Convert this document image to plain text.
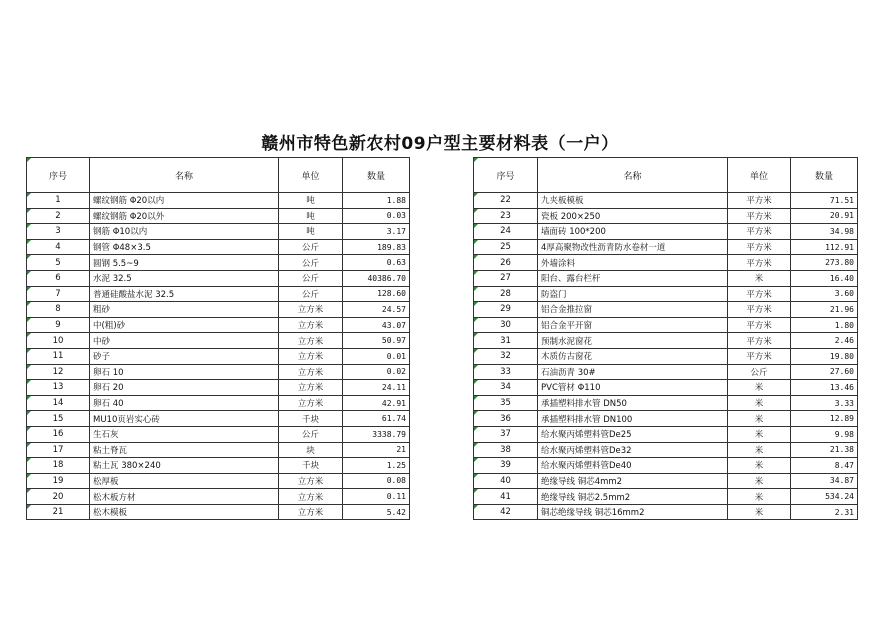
赣州市特色新农村09户型主要材料表（一户）
序号	名称	单位	数量
1	螺纹钢筋 Φ20以内	吨	1.88
2	螺纹钢筋 Φ20以外	吨	0.03
3	钢筋 Φ10以内	吨	3.17
4	钢管 Φ48×3.5	公斤	189.83
5	圆钢 5.5~9	公斤	0.63
6	水泥 32.5	公斤	40386.70
7	普通硅酸盐水泥 32.5	公斤	128.60
8	粗砂	立方米	24.57
9	中(粗)砂	立方米	43.07
10	中砂	立方米	50.97
11	砂子	立方米	0.01
12	卵石 10	立方米	0.02
13	卵石 20	立方米	24.11
14	卵石 40	立方米	42.91
15	MU10页岩实心砖	千块	61.74
16	生石灰	公斤	3338.79
17	粘土脊瓦	块	21
18	粘土瓦 380×240	千块	1.25
19	松厚板	立方米	0.08
20	松木板方材	立方米	0.11
21	松木模板	立方米	5.42
序号	名称	单位	数量
22	九夹板模板	平方米	71.51
23	瓷板 200×250	平方米	20.91
24	墙面砖 100*200	平方米	34.98
25	4厚高聚物改性沥青防水卷材一道	平方米	112.91
26	外墙涂料	平方米	273.80
27	阳台、露台栏杆	米	16.40
28	防盗门	平方米	3.60
29	铝合金推拉窗	平方米	21.96
30	铝合金平开窗	平方米	1.80
31	预制水泥窗花	平方米	2.46
32	木质仿古窗花	平方米	19.80
33	石油沥青 30#	公斤	27.60
34	PVC管材 Φ110	米	13.46
35	承插塑料排水管 DN50	米	3.33
36	承插塑料排水管 DN100	米	12.89
37	给水聚丙烯塑料管De25	米	9.98
38	给水聚丙烯塑料管De32	米	21.38
39	给水聚丙烯塑料管De40	米	8.47
40	绝缘导线 铜芯4mm2	米	34.87
41	绝缘导线 铜芯2.5mm2	米	534.24
42	铜芯绝缘导线 铜芯16mm2	米	2.31
